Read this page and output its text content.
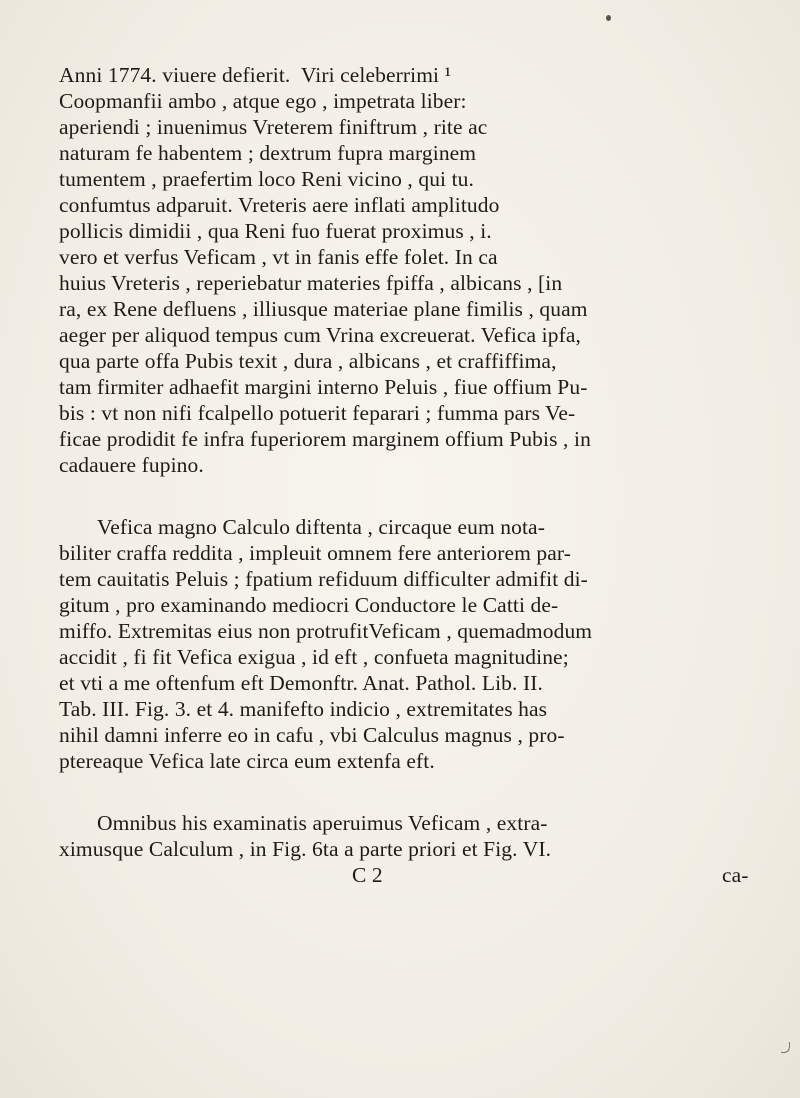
Anni 1774. viuere defierit.  Viri celeberrimi ¹
Coopmanfii ambo , atque ego , impetrata liber:
aperiendi ; inuenimus Vreterem finiftrum , rite ac
naturam fe habentem ; dextrum fupra marginem
tumentem , praefertim loco Reni vicino , qui tu.
confumtus adparuit. Vreteris aere inflati amplitudo
pollicis dimidii , qua Reni fuo fuerat proximus , i.
vero et verfus Veficam , vt in fanis effe folet. In ca
huius Vreteris , reperiebatur materies fpiffa , albicans , [in
ra, ex Rene defluens , illiusque materiae plane fimilis , quam
aeger per aliquod tempus cum Vrina excreuerat. Vefica ipfa,
qua parte offa Pubis texit , dura , albicans , et craffiffima,
tam firmiter adhaefit margini interno Peluis , fiue offium Pu-
bis : vt non nifi fcalpello potuerit feparari ; fumma pars Ve-
ficae prodidit fe infra fuperiorem marginem offium Pubis , in
cadauere fupino.
Vefica magno Calculo diftenta , circaque eum nota-
biliter craffa reddita , impleuit omnem fere anteriorem par-
tem cauitatis Peluis ; fpatium refiduum difficulter admifit di-
gitum , pro examinando mediocri Conductore le Catti de-
miffo. Extremitas eius non protrufitVeficam , quemadmodum
accidit , fi fit Vefica exigua , id eft , confueta magnitudine;
et vti a me oftenfum eft Demonftr. Anat. Pathol. Lib. II.
Tab. III. Fig. 3. et 4. manifefto indicio , extremitates has
nihil damni inferre eo in cafu , vbi Calculus magnus , pro-
ptereaque Vefica late circa eum extenfa eft.
Omnibus his examinatis aperuimus Veficam , extra-
ximusque Calculum , in Fig. 6ta a parte priori et Fig. VI.
C 2	ca-
